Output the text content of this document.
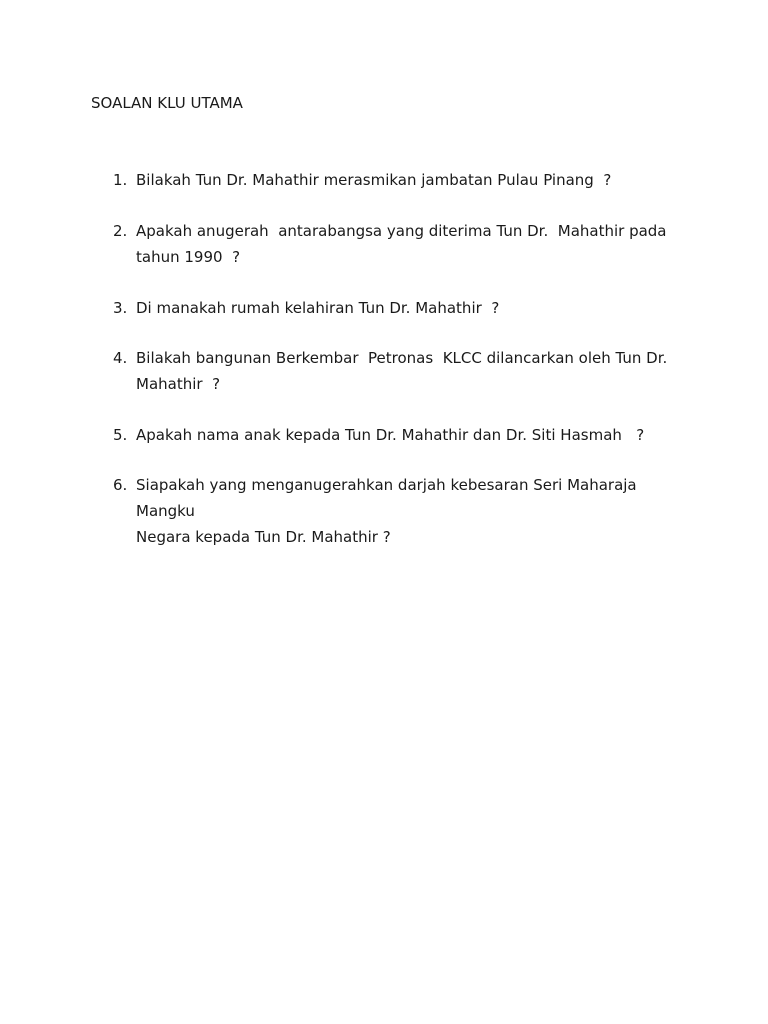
SOALAN KLU UTAMA
1. Bilakah Tun Dr. Mahathir merasmikan jambatan Pulau Pinang  ?
2. Apakah anugerah  antarabangsa yang diterima Tun Dr.  Mahathir pada
tahun 1990  ?
3. Di manakah rumah kelahiran Tun Dr. Mahathir  ?
4. Bilakah bangunan Berkembar  Petronas  KLCC dilancarkan oleh Tun Dr.
Mahathir  ?
5. Apakah nama anak kepada Tun Dr. Mahathir dan Dr. Siti Hasmah   ?
6. Siapakah yang menganugerahkan darjah kebesaran Seri Maharaja Mangku
Negara kepada Tun Dr. Mahathir ?
